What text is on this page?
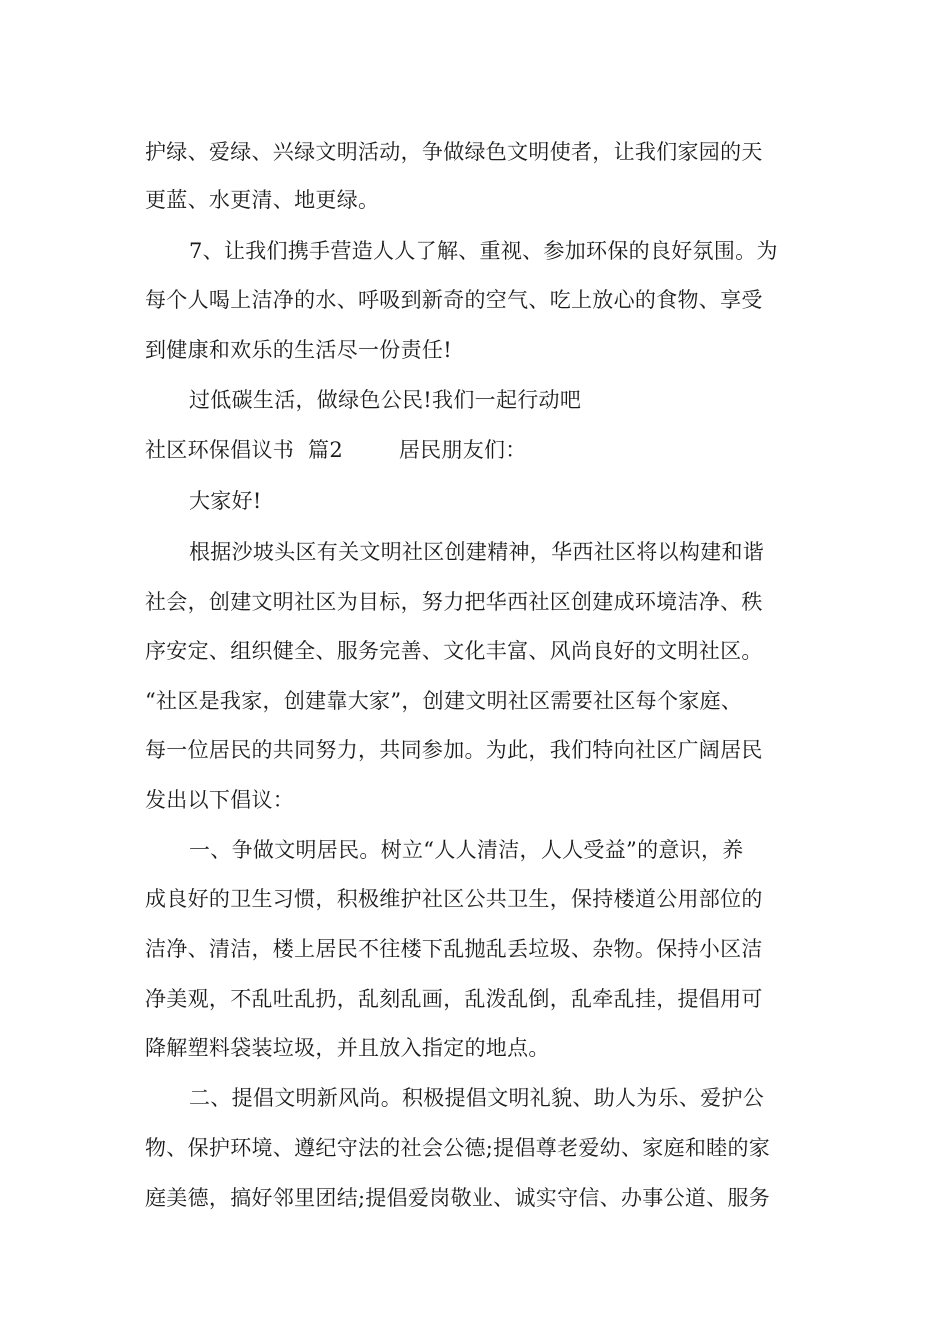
护绿、爱绿、兴绿文明活动，争做绿色文明使者，让我们家园的天
更蓝、水更清、地更绿。
7、让我们携手营造人人了解、重视、参加环保的良好氛围。为
每个人喝上洁净的水、呼吸到新奇的空气、吃上放心的食物、享受
到健康和欢乐的生活尽一份责任!
过低碳生活，做绿色公民!我们一起行动吧
社区环保倡议书  篇2        居民朋友们：
大家好!
根据沙坡头区有关文明社区创建精神，华西社区将以构建和谐
社会，创建文明社区为目标，努力把华西社区创建成环境洁净、秩
序安定、组织健全、服务完善、文化丰富、风尚良好的文明社区。
“社区是我家，创建靠大家”，创建文明社区需要社区每个家庭、
每一位居民的共同努力，共同参加。为此，我们特向社区广阔居民
发出以下倡议：
一、争做文明居民。树立“人人清洁，人人受益”的意识，养
成良好的卫生习惯，积极维护社区公共卫生，保持楼道公用部位的
洁净、清洁，楼上居民不往楼下乱抛乱丢垃圾、杂物。保持小区洁
净美观，不乱吐乱扔，乱刻乱画，乱泼乱倒，乱牵乱挂，提倡用可
降解塑料袋装垃圾，并且放入指定的地点。
二、提倡文明新风尚。积极提倡文明礼貌、助人为乐、爱护公
物、保护环境、遵纪守法的社会公德;提倡尊老爱幼、家庭和睦的家
庭美德，搞好邻里团结;提倡爱岗敬业、诚实守信、办事公道、服务
